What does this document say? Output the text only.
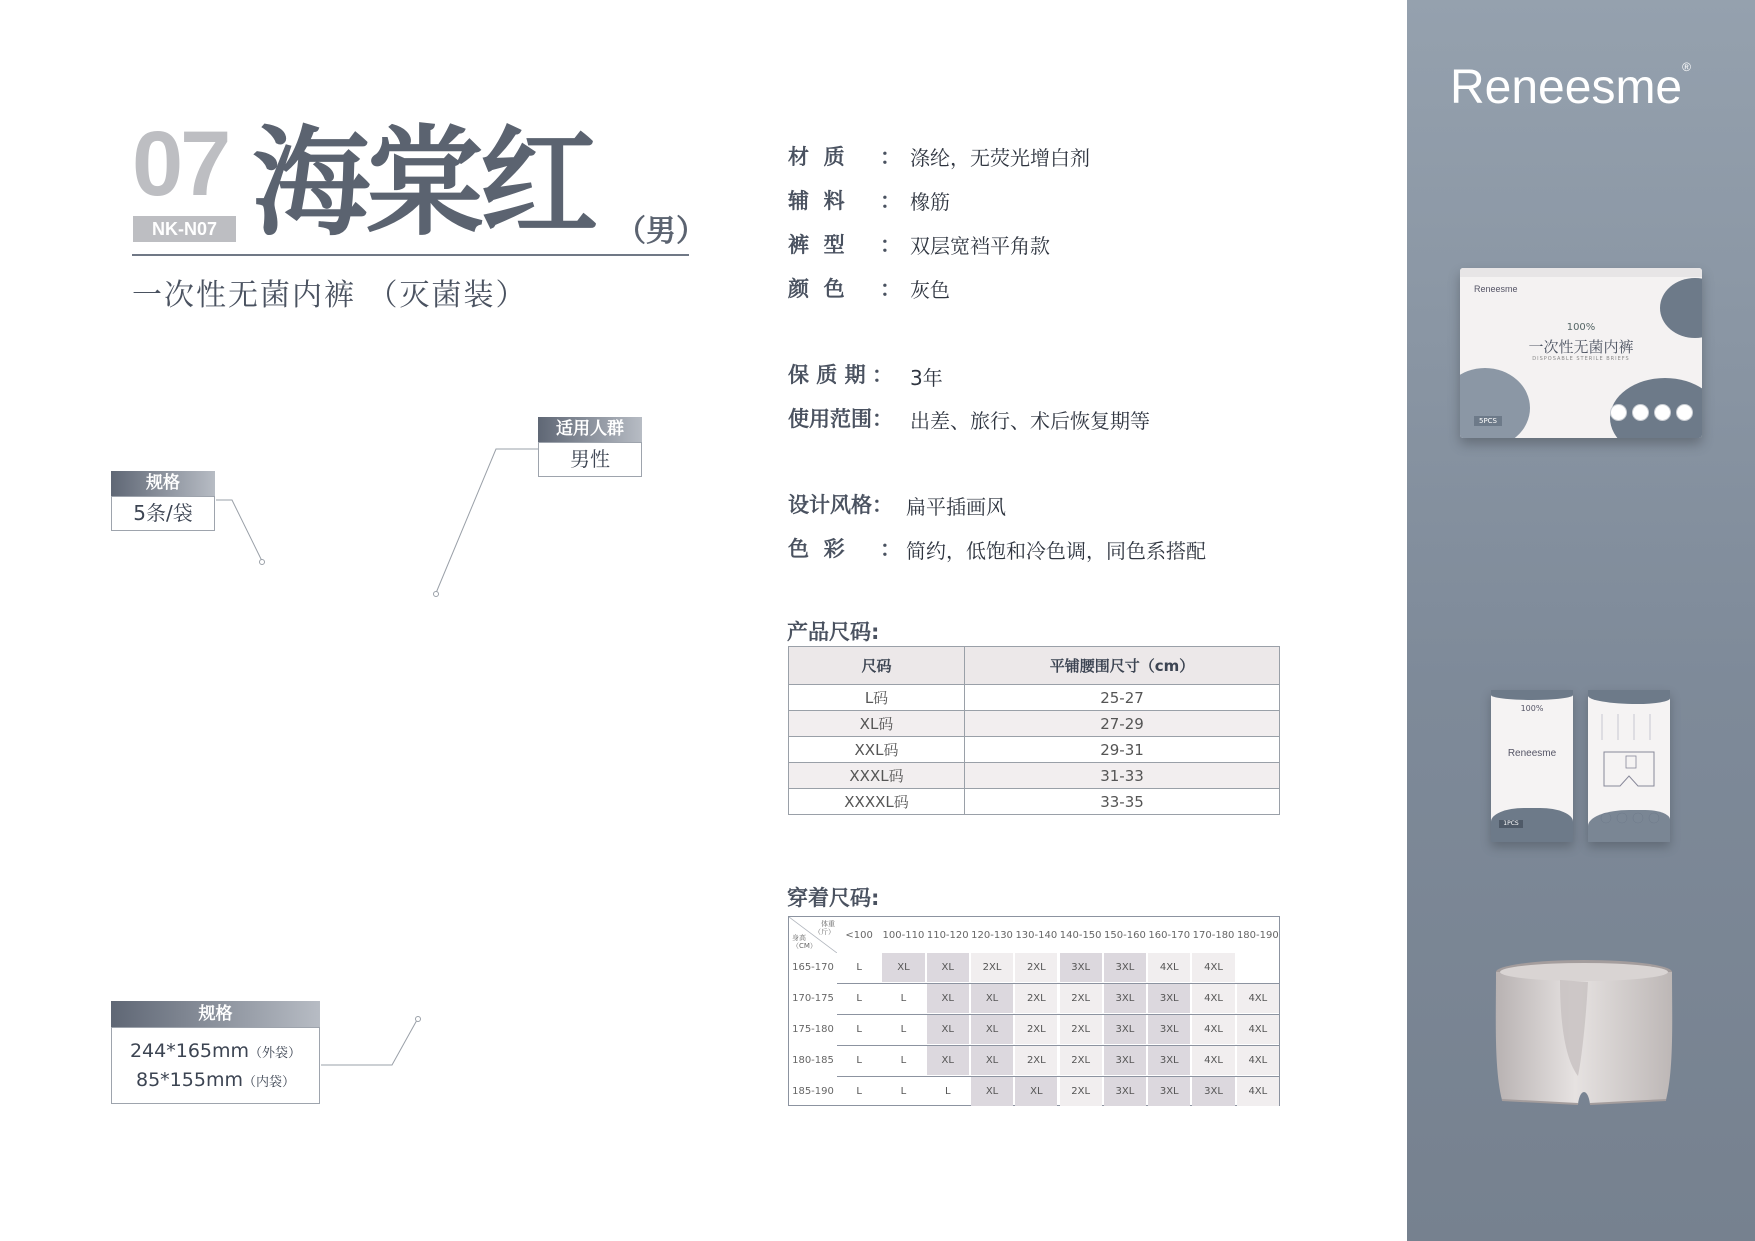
07
NK-N07 海棠红 （男）
一次性无菌内裤 （灭菌装）
规格
5条/袋
适用人群
男性
规格
244*165mm（外袋）
85*155mm（内袋）
材  质 ： 涤纶，无荧光增白剂
辅  料 ： 橡筋
裤  型 ： 双层宽裆平角款
颜  色 ： 灰色
保 质 期 ： 3年
使用范围 ： 出差、旅行、术后恢复期等
设计风格 ： 扁平插画风
色  彩 ： 简约，低饱和冷色调，同色系搭配
产品尺码:
尺码	平铺腰围尺寸（cm）
L码	25-27
XL码	27-29
XXL码	29-31
XXXL码	31-33
XXXXL码	33-35
穿着尺码:
体重（斤）
身高（CM）
<100 100-110 110-120 120-130 130-140 140-150 150-160 160-170 170-180 180-190
165-170	L	XL	XL	2XL	2XL	3XL	3XL	4XL	4XL
170-175	L	L	XL	XL	2XL	2XL	3XL	3XL	4XL	4XL
175-180	L	L	XL	XL	2XL	2XL	3XL	3XL	4XL	4XL
180-185	L	L	XL	XL	2XL	2XL	3XL	3XL	4XL	4XL
185-190	L	L	L	XL	XL	2XL	3XL	3XL	3XL	4XL
Reneesme®
Reneesme
100%
一次性无菌内裤
DISPOSABLE STERILE BRIEFS
5PCS
100%
Reneesme
1PCS
